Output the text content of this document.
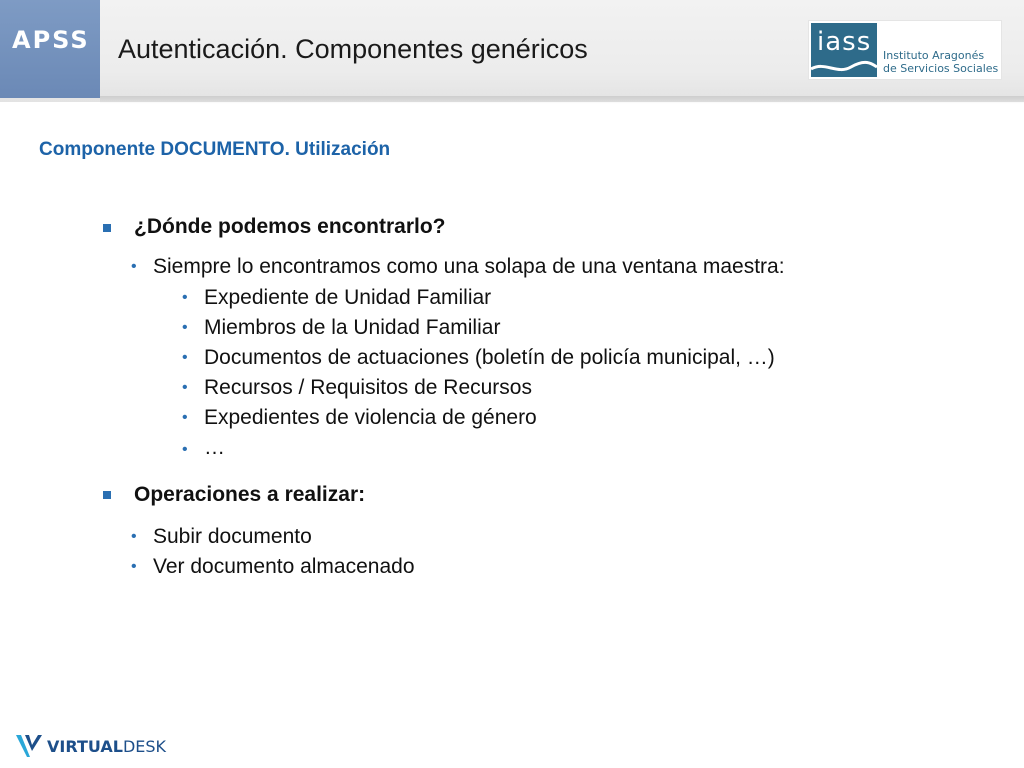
APSS Autenticación. Componentes genéricos	iass Instituto Aragonés
de Servicios Sociales
Componente DOCUMENTO. Utilización
¿Dónde podemos encontrarlo?
• Siempre lo encontramos como una solapa de una ventana maestra:
• Expediente de Unidad Familiar
• Miembros de la Unidad Familiar
• Documentos de actuaciones (boletín de policía municipal, …)
• Recursos / Requisitos de Recursos
• Expedientes de violencia de género
• …
Operaciones a realizar:
• Subir documento
• Ver documento almacenado
VIRTUALDESK
